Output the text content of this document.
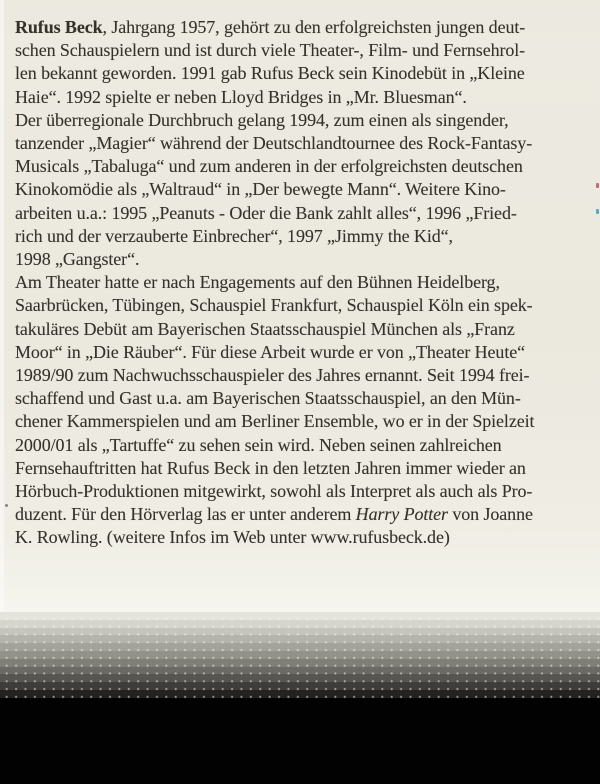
Rufus Beck, Jahrgang 1957, gehört zu den erfolgreichsten jungen deut-
schen Schauspielern und ist durch viele Theater-, Film- und Fernsehrol-
len bekannt geworden. 1991 gab Rufus Beck sein Kinodebüt in „Kleine
Haie“. 1992 spielte er neben Lloyd Bridges in „Mr. Bluesman“.
Der überregionale Durchbruch gelang 1994, zum einen als singender,
tanzender „Magier“ während der Deutschlandtournee des Rock-Fantasy-
Musicals „Tabaluga“ und zum anderen in der erfolgreichsten deutschen
Kinokomödie als „Waltraud“ in „Der bewegte Mann“. Weitere Kino-
arbeiten u.a.: 1995 „Peanuts - Oder die Bank zahlt alles“, 1996 „Fried-
rich und der verzauberte Einbrecher“, 1997 „Jimmy the Kid“,
1998 „Gangster“.
Am Theater hatte er nach Engagements auf den Bühnen Heidelberg,
Saarbrücken, Tübingen, Schauspiel Frankfurt, Schauspiel Köln ein spek-
takuläres Debüt am Bayerischen Staatsschauspiel München als „Franz
Moor“ in „Die Räuber“. Für diese Arbeit wurde er von „Theater Heute“
1989/90 zum Nachwuchsschauspieler des Jahres ernannt. Seit 1994 frei-
schaffend und Gast u.a. am Bayerischen Staatsschauspiel, an den Mün-
chener Kammerspielen und am Berliner Ensemble, wo er in der Spielzeit
2000/01 als „Tartuffe“ zu sehen sein wird. Neben seinen zahlreichen
Fernsehauftritten hat Rufus Beck in den letzten Jahren immer wieder an
Hörbuch-Produktionen mitgewirkt, sowohl als Interpret als auch als Pro-
duzent. Für den Hörverlag las er unter anderem Harry Potter von Joanne
K. Rowling. (weitere Infos im Web unter www.rufusbeck.de)
